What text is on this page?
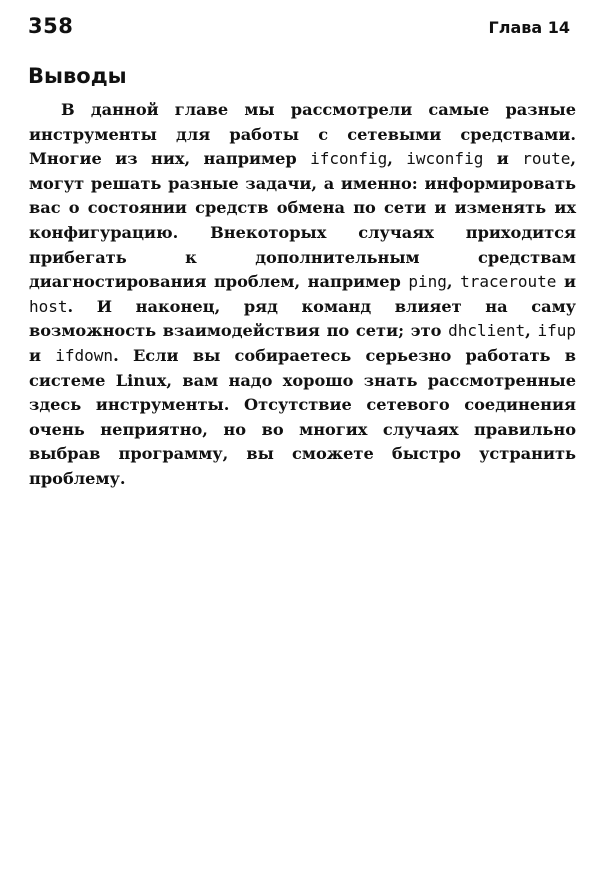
358	Глава 14
Выводы

В данной главе мы рассмотрели самые разные инструменты для работы с сетевыми средствами. Многие из них, например ifconfig, iwconfig и route, могут решать разные задачи, а именно: информировать вас о состоянии средств обмена по сети и изменять их конфигурацию. Внекоторых случаях приходится прибегать к дополнительным средствам диагностирования проблем, например ping, traceroute и host. И наконец, ряд команд влияет на саму возможность взаимодействия по сети; это dhclient, ifup и ifdown. Если вы собираетесь серьезно работать в системе Linux, вам надо хорошо знать рассмотренные здесь инструменты. Отсутствие сетевого соединения очень неприятно, но во многих случаях правильно выбрав программу, вы сможете быстро устранить проблему.
